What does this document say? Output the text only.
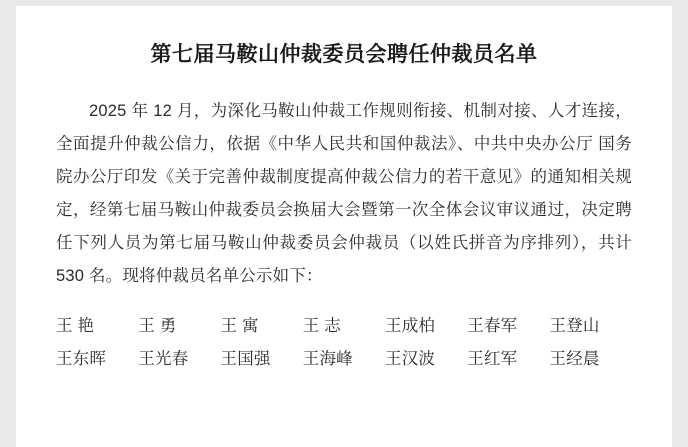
第七届马鞍山仲裁委员会聘任仲裁员名单

2025 年 12 月，为深化马鞍山仲裁工作规则衔接、机制对接、人才连接，全面提升仲裁公信力，依据《中华人民共和国仲裁法》、中共中央办公厅 国务院办公厅印发《关于完善仲裁制度提高仲裁公信力的若干意见》的通知相关规定，经第七届马鞍山仲裁委员会换届大会暨第一次全体会议审议通过，决定聘任下列人员为第七届马鞍山仲裁委员会仲裁员（以姓氏拼音为序排列），共计 530 名。现将仲裁员名单公示如下：

王 艳	王 勇	王 寓	王 志	王成柏	王春军	王登山
王东晖	王光春	王国强	王海峰	王汉波	王红军	王经晨
